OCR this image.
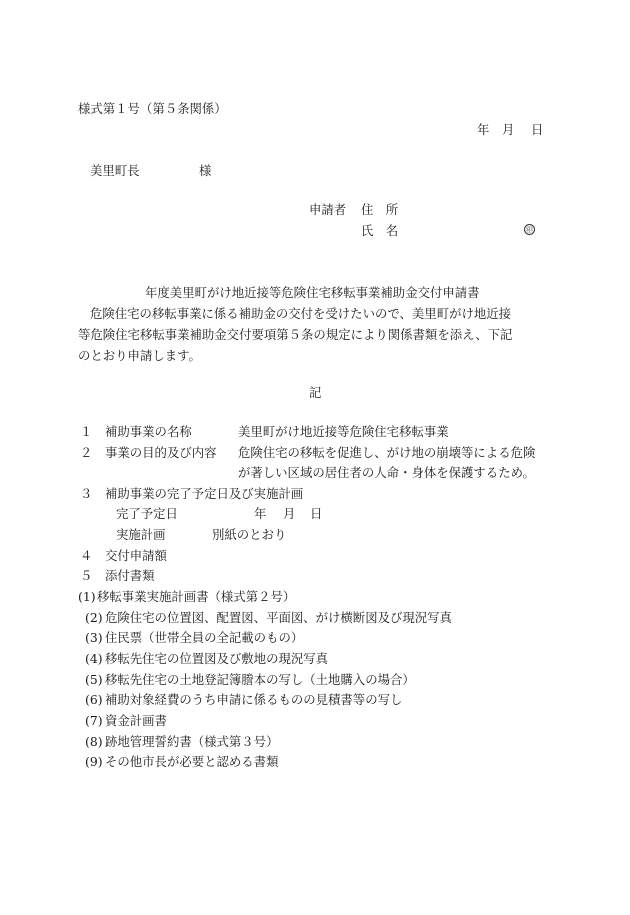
様式第１号（第５条関係）
年 月 日
美里町長	様
申請者 住　所
氏　名	㊞
年度美里町がけ地近接等危険住宅移転事業補助金交付申請書
危険住宅の移転事業に係る補助金の交付を受けたいので、美里町がけ地近接
等危険住宅移転事業補助金交付要項第５条の規定により関係書類を添え、下記
のとおり申請します。
記
１ 補助事業の名称	美里町がけ地近接等危険住宅移転事業
２ 事業の目的及び内容 危険住宅の移転を促進し、がけ地の崩壊等による危険
が著しい区域の居住者の人命・身体を保護するため。
３ 補助事業の完了予定日及び実施計画
完了予定日	年 月 日
実施計画	別紙のとおり
４ 交付申請額
５ 添付書類
(1) 移転事業実施計画書（様式第２号）
(2) 危険住宅の位置図、配置図、平面図、がけ横断図及び現況写真
(3) 住民票（世帯全員の全記載のもの）
(4) 移転先住宅の位置図及び敷地の現況写真
(5) 移転先住宅の土地登記簿謄本の写し（土地購入の場合）
(6) 補助対象経費のうち申請に係るものの見積書等の写し
(7) 資金計画書
(8) 跡地管理誓約書（様式第３号）
(9) その他市長が必要と認める書類
